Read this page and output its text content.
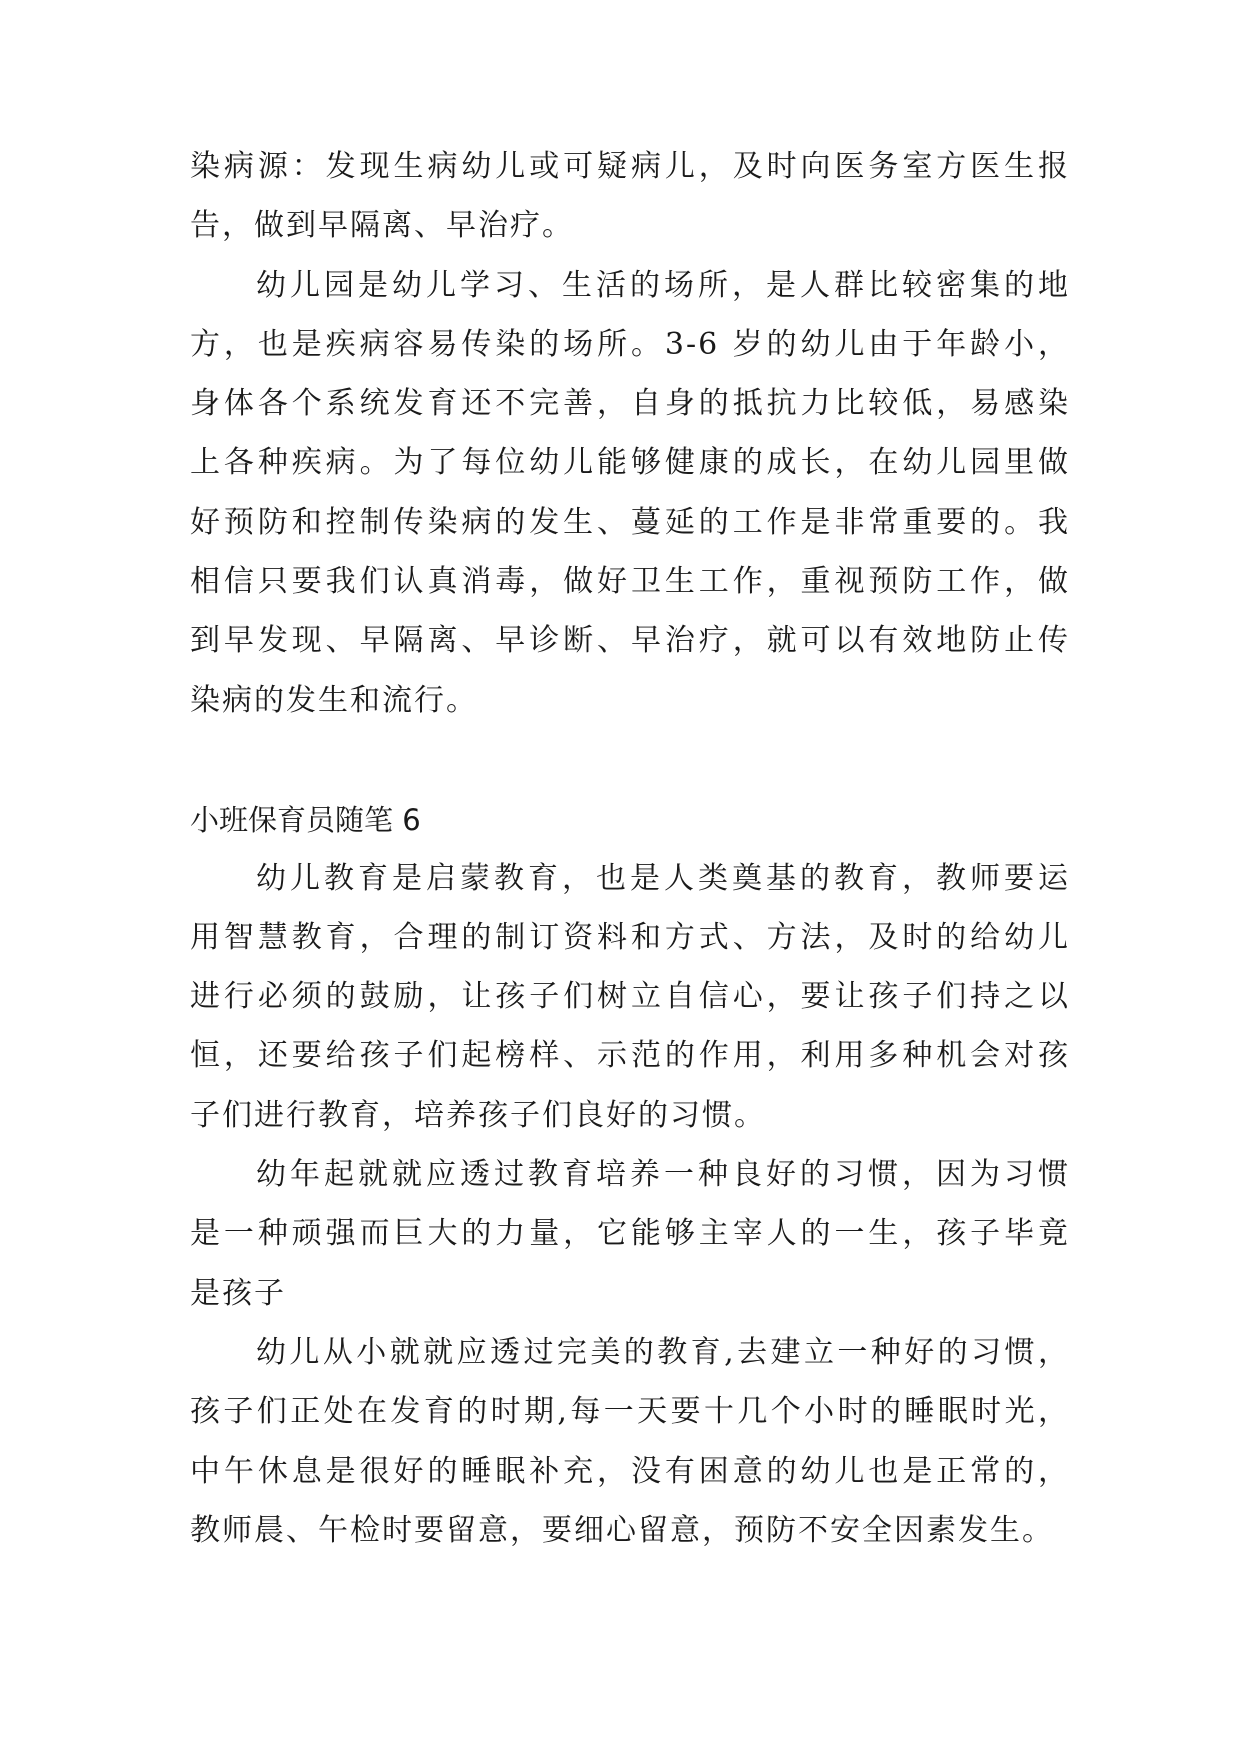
染病源：发现生病幼儿或可疑病儿，及时向医务室方医生报
告，做到早隔离、早治疗。
幼儿园是幼儿学习、生活的场所，是人群比较密集的地
方，也是疾病容易传染的场所。3-6 岁的幼儿由于年龄小，
身体各个系统发育还不完善，自身的抵抗力比较低，易感染
上各种疾病。为了每位幼儿能够健康的成长，在幼儿园里做
好预防和控制传染病的发生、蔓延的工作是非常重要的。我
相信只要我们认真消毒，做好卫生工作，重视预防工作，做
到早发现、早隔离、早诊断、早治疗，就可以有效地防止传
染病的发生和流行。
小班保育员随笔 6
幼儿教育是启蒙教育，也是人类奠基的教育，教师要运
用智慧教育，合理的制订资料和方式、方法，及时的给幼儿
进行必须的鼓励，让孩子们树立自信心，要让孩子们持之以
恒，还要给孩子们起榜样、示范的作用，利用多种机会对孩
子们进行教育，培养孩子们良好的习惯。
幼年起就就应透过教育培养一种良好的习惯，因为习惯
是一种顽强而巨大的力量，它能够主宰人的一生，孩子毕竟
是孩子
幼儿从小就就应透过完美的教育,去建立一种好的习惯，
孩子们正处在发育的时期,每一天要十几个小时的睡眠时光，
中午休息是很好的睡眠补充，没有困意的幼儿也是正常的，
教师晨、午检时要留意，要细心留意，预防不安全因素发生。
